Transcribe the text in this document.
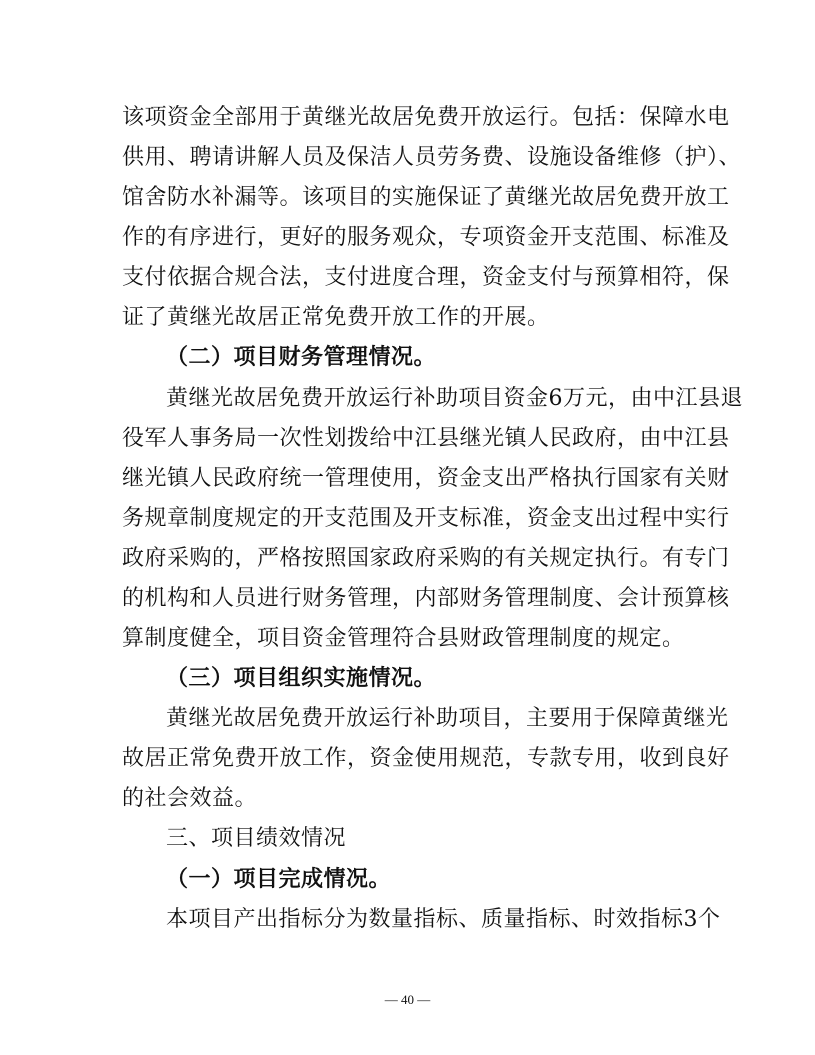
该项资金全部用于黄继光故居免费开放运行。包括：保障水电
供用、聘请讲解人员及保洁人员劳务费、设施设备维修（护）、
馆舍防水补漏等。该项目的实施保证了黄继光故居免费开放工
作的有序进行，更好的服务观众，专项资金开支范围、标准及
支付依据合规合法，支付进度合理，资金支付与预算相符，保
证了黄继光故居正常免费开放工作的开展。
（二）项目财务管理情况。
黄继光故居免费开放运行补助项目资金6万元，由中江县退
役军人事务局一次性划拨给中江县继光镇人民政府，由中江县
继光镇人民政府统一管理使用，资金支出严格执行国家有关财
务规章制度规定的开支范围及开支标准，资金支出过程中实行
政府采购的，严格按照国家政府采购的有关规定执行。有专门
的机构和人员进行财务管理，内部财务管理制度、会计预算核
算制度健全，项目资金管理符合县财政管理制度的规定。
（三）项目组织实施情况。
黄继光故居免费开放运行补助项目，主要用于保障黄继光
故居正常免费开放工作，资金使用规范，专款专用，收到良好
的社会效益。
三、项目绩效情况
（一）项目完成情况。
本项目产出指标分为数量指标、质量指标、时效指标3个
— 40 —
